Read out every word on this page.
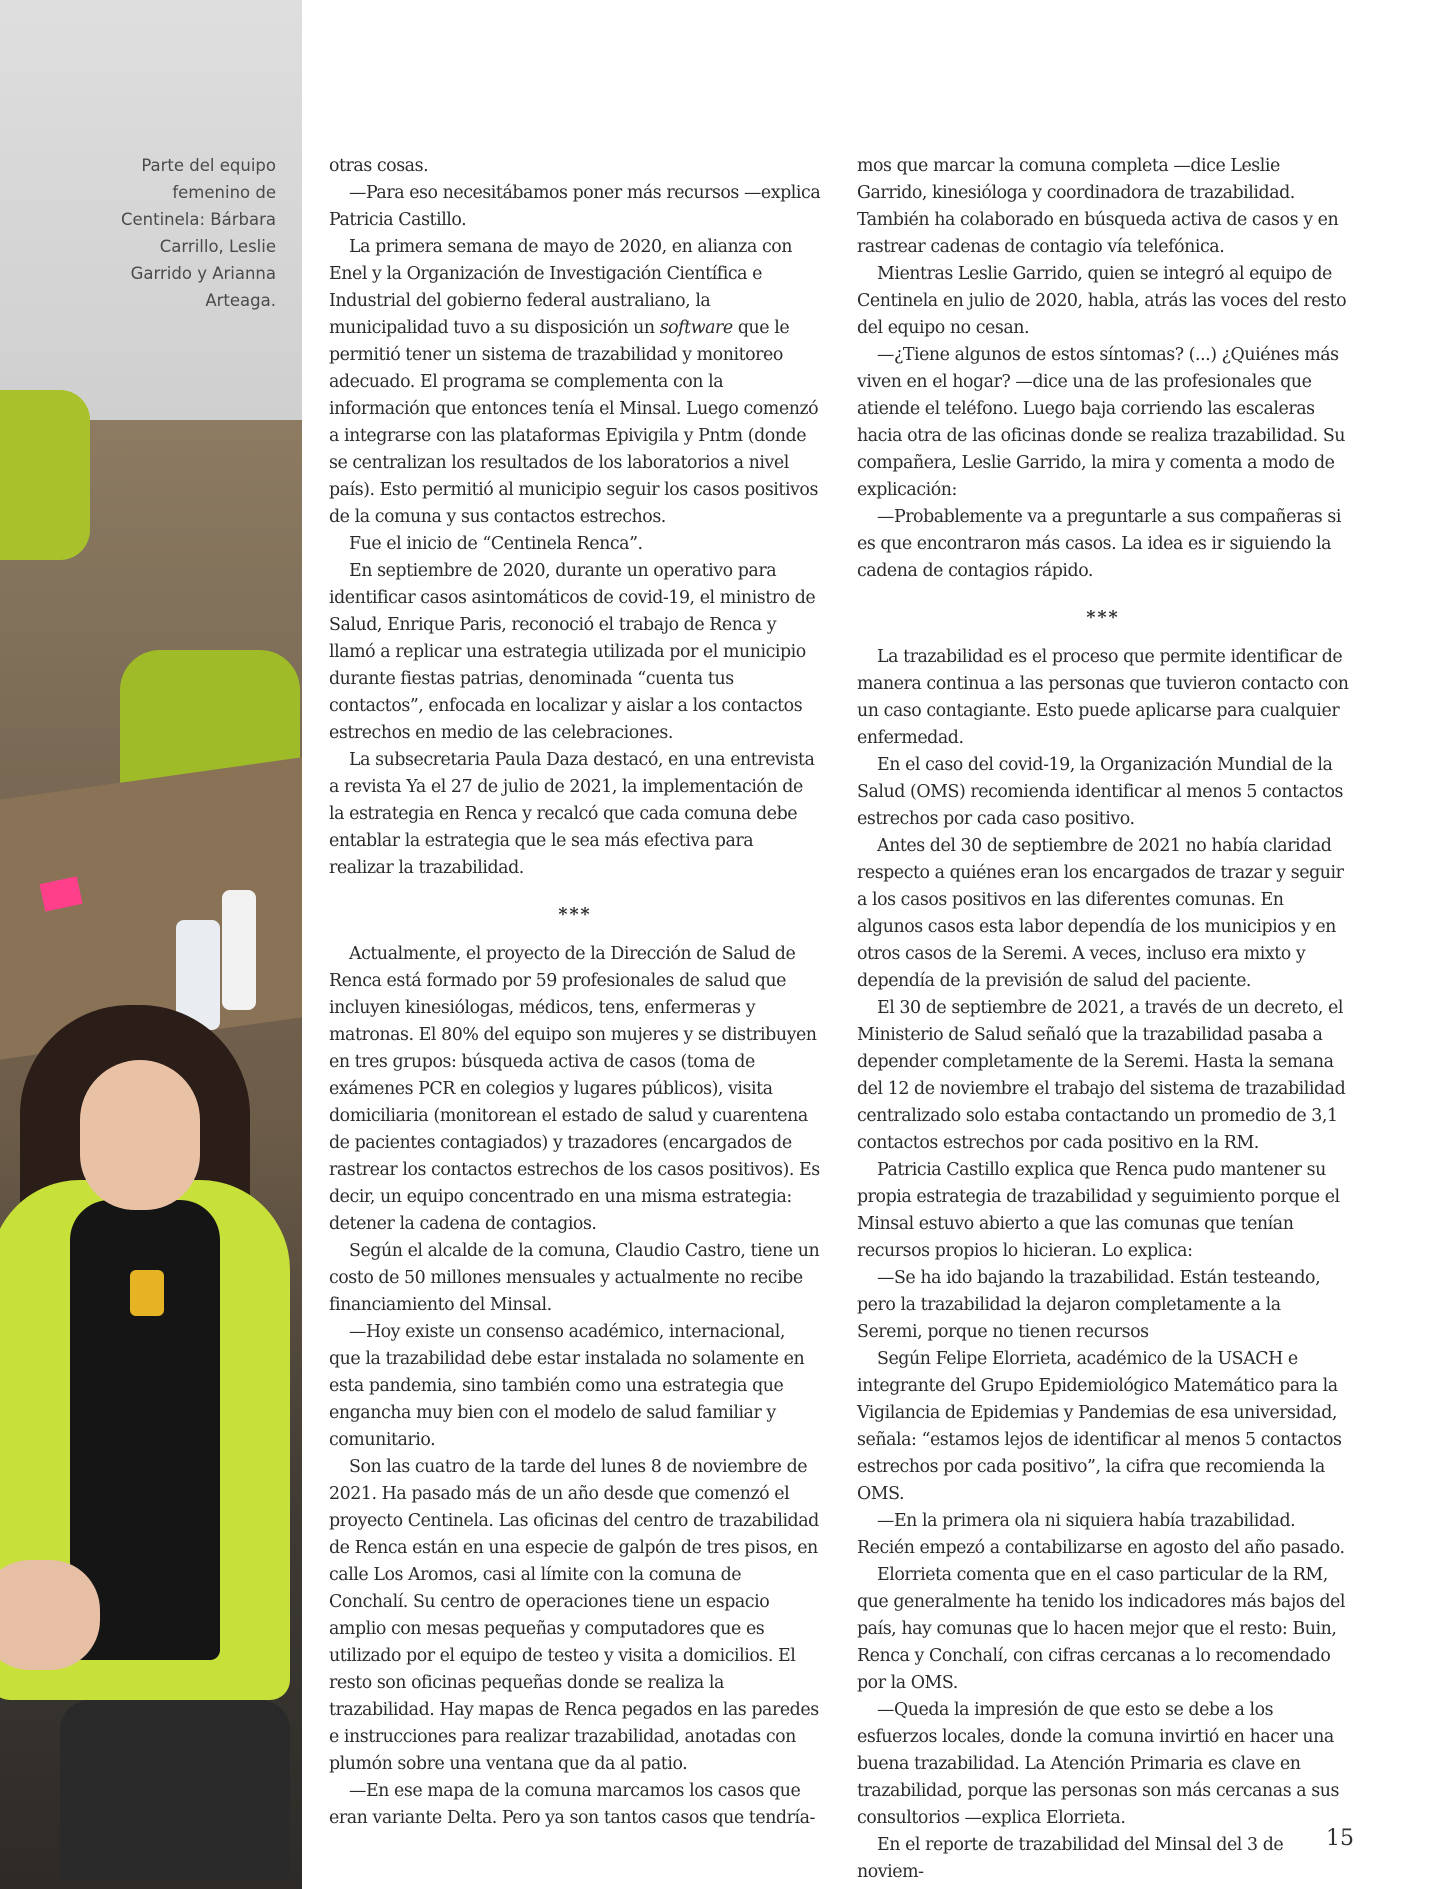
Parte del equipo femenino de Centinela: Bárbara Carrillo, Leslie Garrido y Arianna Arteaga.

otras cosas.

—Para eso necesitábamos poner más recursos —explica Patricia Castillo.

La primera semana de mayo de 2020, en alianza con Enel y la Organización de Investigación Científica e Industrial del gobierno federal australiano, la municipalidad tuvo a su disposición un software que le permitió tener un sistema de trazabilidad y monitoreo adecuado. El programa se complementa con la información que entonces tenía el Minsal. Luego comenzó a integrarse con las plataformas Epivigila y Pntm (donde se centralizan los resultados de los laboratorios a nivel país). Esto permitió al municipio seguir los casos positivos de la comuna y sus contactos estrechos.

Fue el inicio de “Centinela Renca”.

En septiembre de 2020, durante un operativo para identificar casos asintomáticos de covid-19, el ministro de Salud, Enrique Paris, reconoció el trabajo de Renca y llamó a replicar una estrategia utilizada por el municipio durante fiestas patrias, denominada “cuenta tus contactos”, enfocada en localizar y aislar a los contactos estrechos en medio de las celebraciones.

La subsecretaria Paula Daza destacó, en una entrevista a revista Ya el 27 de julio de 2021, la implementación de la estrategia en Renca y recalcó que cada comuna debe entablar la estrategia que le sea más efectiva para realizar la trazabilidad.

***

Actualmente, el proyecto de la Dirección de Salud de Renca está formado por 59 profesionales de salud que incluyen kinesiólogas, médicos, tens, enfermeras y matronas. El 80% del equipo son mujeres y se distribuyen en tres grupos: búsqueda activa de casos (toma de exámenes PCR en colegios y lugares públicos), visita domiciliaria (monitorean el estado de salud y cuarentena de pacientes contagiados) y trazadores (encargados de rastrear los contactos estrechos de los casos positivos). Es decir, un equipo concentrado en una misma estrategia: detener la cadena de contagios.

Según el alcalde de la comuna, Claudio Castro, tiene un costo de 50 millones mensuales y actualmente no recibe financiamiento del Minsal.

—Hoy existe un consenso académico, internacional, que la trazabilidad debe estar instalada no solamente en esta pandemia, sino también como una estrategia que engancha muy bien con el modelo de salud familiar y comunitario.

Son las cuatro de la tarde del lunes 8 de noviembre de 2021. Ha pasado más de un año desde que comenzó el proyecto Centinela. Las oficinas del centro de trazabilidad de Renca están en una especie de galpón de tres pisos, en calle Los Aromos, casi al límite con la comuna de Conchalí. Su centro de operaciones tiene un espacio amplio con mesas pequeñas y computadores que es utilizado por el equipo de testeo y visita a domicilios. El resto son oficinas pequeñas donde se realiza la trazabilidad. Hay mapas de Renca pegados en las paredes e instrucciones para realizar trazabilidad, anotadas con plumón sobre una ventana que da al patio.

—En ese mapa de la comuna marcamos los casos que eran variante Delta. Pero ya son tantos casos que tendría-

mos que marcar la comuna completa —dice Leslie Garrido, kinesióloga y coordinadora de trazabilidad. También ha colaborado en búsqueda activa de casos y en rastrear cadenas de contagio vía telefónica.

Mientras Leslie Garrido, quien se integró al equipo de Centinela en julio de 2020, habla, atrás las voces del resto del equipo no cesan.

—¿Tiene algunos de estos síntomas? (...) ¿Quiénes más viven en el hogar? —dice una de las profesionales que atiende el teléfono. Luego baja corriendo las escaleras hacia otra de las oficinas donde se realiza trazabilidad. Su compañera, Leslie Garrido, la mira y comenta a modo de explicación:

—Probablemente va a preguntarle a sus compañeras si es que encontraron más casos. La idea es ir siguiendo la cadena de contagios rápido.

***

La trazabilidad es el proceso que permite identificar de manera continua a las personas que tuvieron contacto con un caso contagiante. Esto puede aplicarse para cualquier enfermedad.

En el caso del covid-19, la Organización Mundial de la Salud (OMS) recomienda identificar al menos 5 contactos estrechos por cada caso positivo.

Antes del 30 de septiembre de 2021 no había claridad respecto a quiénes eran los encargados de trazar y seguir a los casos positivos en las diferentes comunas. En algunos casos esta labor dependía de los municipios y en otros casos de la Seremi. A veces, incluso era mixto y dependía de la previsión de salud del paciente.

El 30 de septiembre de 2021, a través de un decreto, el Ministerio de Salud señaló que la trazabilidad pasaba a depender completamente de la Seremi. Hasta la semana del 12 de noviembre el trabajo del sistema de trazabilidad centralizado solo estaba contactando un promedio de 3,1 contactos estrechos por cada positivo en la RM.

Patricia Castillo explica que Renca pudo mantener su propia estrategia de trazabilidad y seguimiento porque el Minsal estuvo abierto a que las comunas que tenían recursos propios lo hicieran. Lo explica:

—Se ha ido bajando la trazabilidad. Están testeando, pero la trazabilidad la dejaron completamente a la Seremi, porque no tienen recursos

Según Felipe Elorrieta, académico de la USACH e integrante del Grupo Epidemiológico Matemático para la Vigilancia de Epidemias y Pandemias de esa universidad, señala: “estamos lejos de identificar al menos 5 contactos estrechos por cada positivo”, la cifra que recomienda la OMS.

—En la primera ola ni siquiera había trazabilidad. Recién empezó a contabilizarse en agosto del año pasado.

Elorrieta comenta que en el caso particular de la RM, que generalmente ha tenido los indicadores más bajos del país, hay comunas que lo hacen mejor que el resto: Buin, Renca y Conchalí, con cifras cercanas a lo recomendado por la OMS.

—Queda la impresión de que esto se debe a los esfuerzos locales, donde la comuna invirtió en hacer una buena trazabilidad. La Atención Primaria es clave en trazabilidad, porque las personas son más cercanas a sus consultorios —explica Elorrieta.

En el reporte de trazabilidad del Minsal del 3 de noviem-

15
